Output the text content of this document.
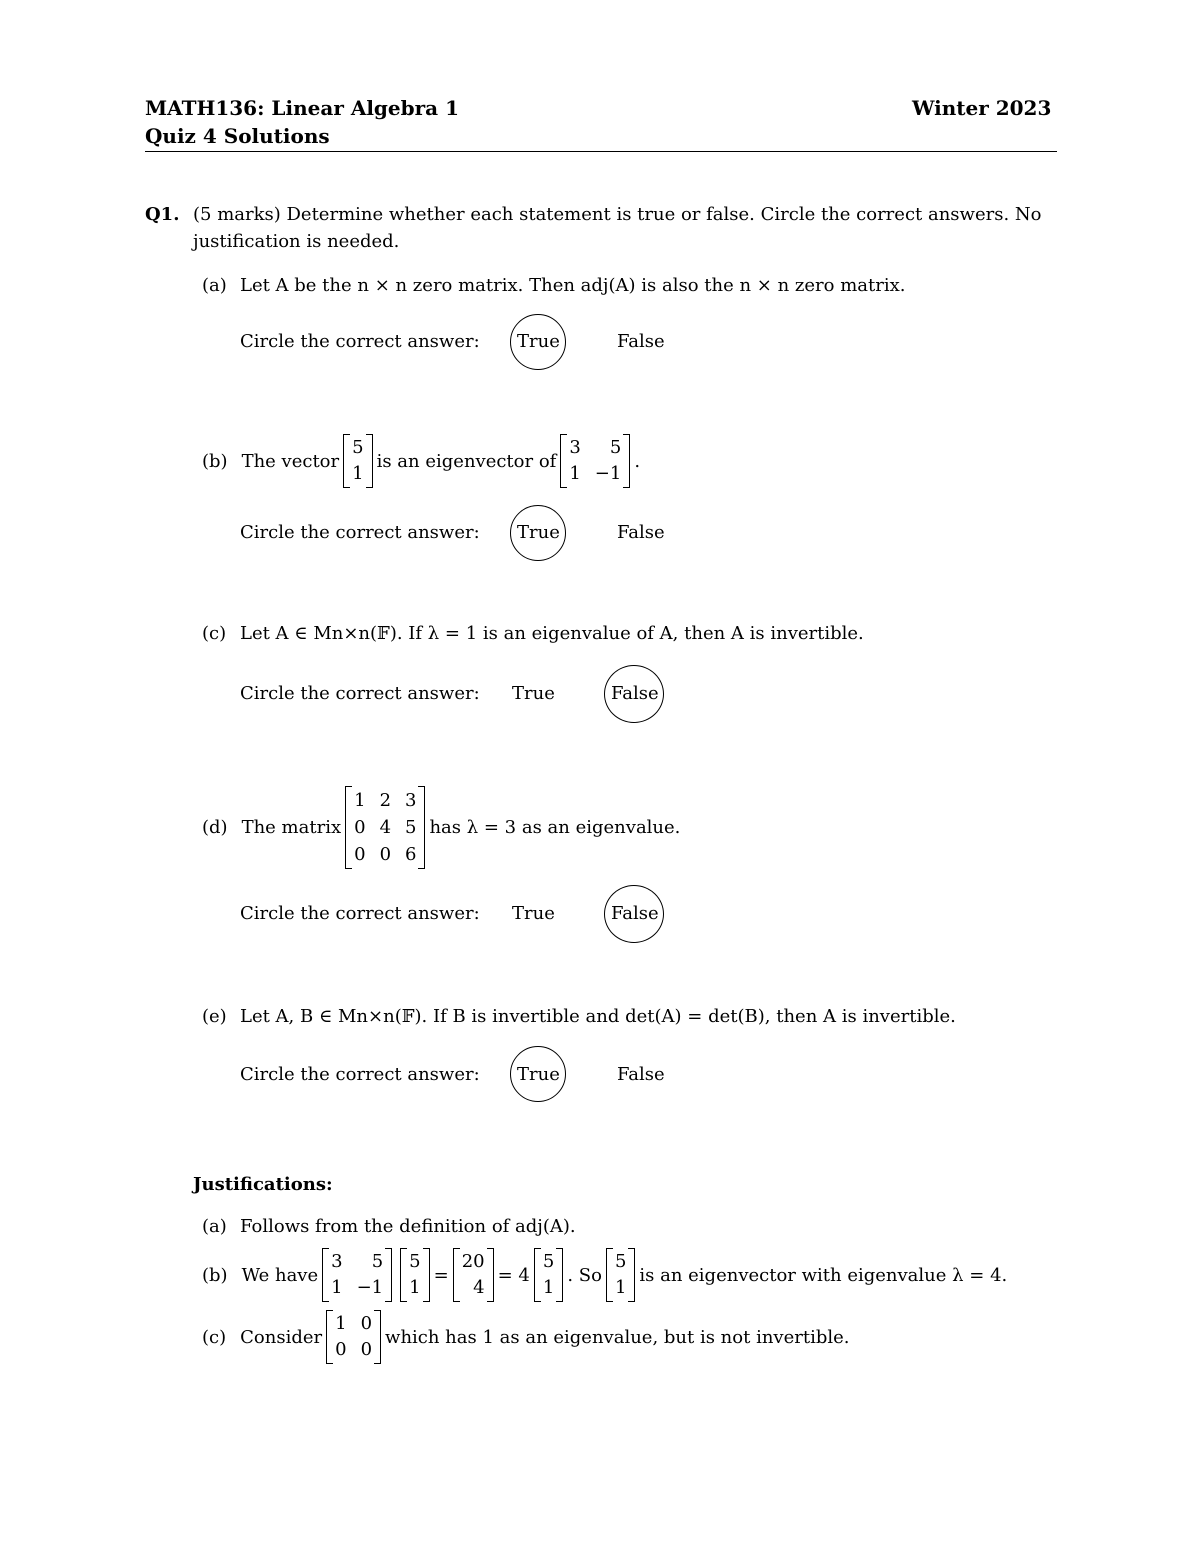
MATH136: Linear Algebra 1	Winter 2023
Quiz 4 Solutions
Q1. (5 marks) Determine whether each statement is true or false. Circle the correct answers. No
justification is needed.
(a) Let A be the n × n zero matrix. Then adj(A) is also the n × n zero matrix.
Circle the correct answer: True	False
(b) The vector
5
1
is an eigenvector of
3	5
1 −1
.
Circle the correct answer: True	False
(c) Let A ∈ Mn×n(𝔽). If λ = 1 is an eigenvalue of A, then A is invertible.
Circle the correct answer: True	False
(d) The matrix
1 2 3
0 4 5
0 0 6
has λ = 3 as an eigenvalue.
Circle the correct answer: True	False
(e) Let A, B ∈ Mn×n(𝔽). If B is invertible and det(A) = det(B), then A is invertible.
Circle the correct answer: True	False
Justifications:
(a) Follows from the definition of adj(A).
(b) We have
3	5
1 −1
5
1
=
20
4
= 4
5
1
. So
5
1
is an eigenvector with eigenvalue λ = 4.
(c) Consider
1 0
0 0
which has 1 as an eigenvalue, but is not invertible.
